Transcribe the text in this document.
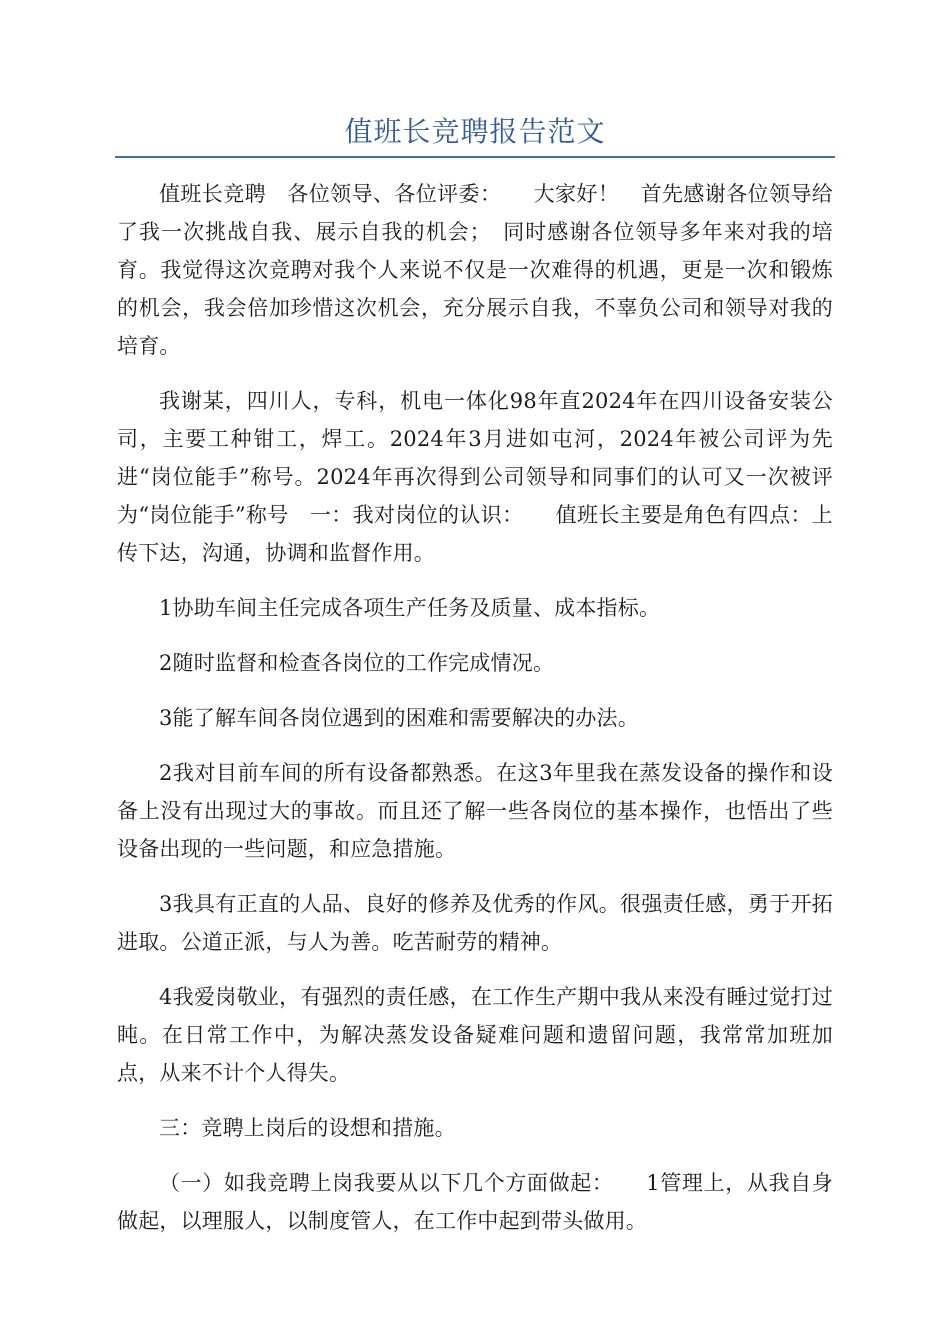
值班长竞聘报告范文

值班长竞聘　各位领导、各位评委：　　大家好！　首先感谢各位领导给了我一次挑战自我、展示自我的机会；　同时感谢各位领导多年来对我的培育。我觉得这次竞聘对我个人来说不仅是一次难得的机遇，更是一次和锻炼的机会，我会倍加珍惜这次机会，充分展示自我，不辜负公司和领导对我的培育。

我谢某，四川人，专科，机电一体化98年直2024年在四川设备安装公司，主要工种钳工，焊工。2024年3月进如屯河，2024年被公司评为先进“岗位能手”称号。2024年再次得到公司领导和同事们的认可又一次被评为“岗位能手”称号　一：我对岗位的认识：　　值班长主要是角色有四点：上传下达，沟通，协调和监督作用。

1协助车间主任完成各项生产任务及质量、成本指标。

2随时监督和检查各岗位的工作完成情况。

3能了解车间各岗位遇到的困难和需要解决的办法。

2我对目前车间的所有设备都熟悉。在这3年里我在蒸发设备的操作和设备上没有出现过大的事故。而且还了解一些各岗位的基本操作，也悟出了些设备出现的一些问题，和应急措施。

3我具有正直的人品、良好的修养及优秀的作风。很强责任感，勇于开拓进取。公道正派，与人为善。吃苦耐劳的精神。

4我爱岗敬业，有强烈的责任感，在工作生产期中我从来没有睡过觉打过盹。在日常工作中，为解决蒸发设备疑难问题和遗留问题，我常常加班加点，从来不计个人得失。

三：竞聘上岗后的设想和措施。

（一）如我竞聘上岗我要从以下几个方面做起：　　1管理上，从我自身做起，以理服人，以制度管人，在工作中起到带头做用。
